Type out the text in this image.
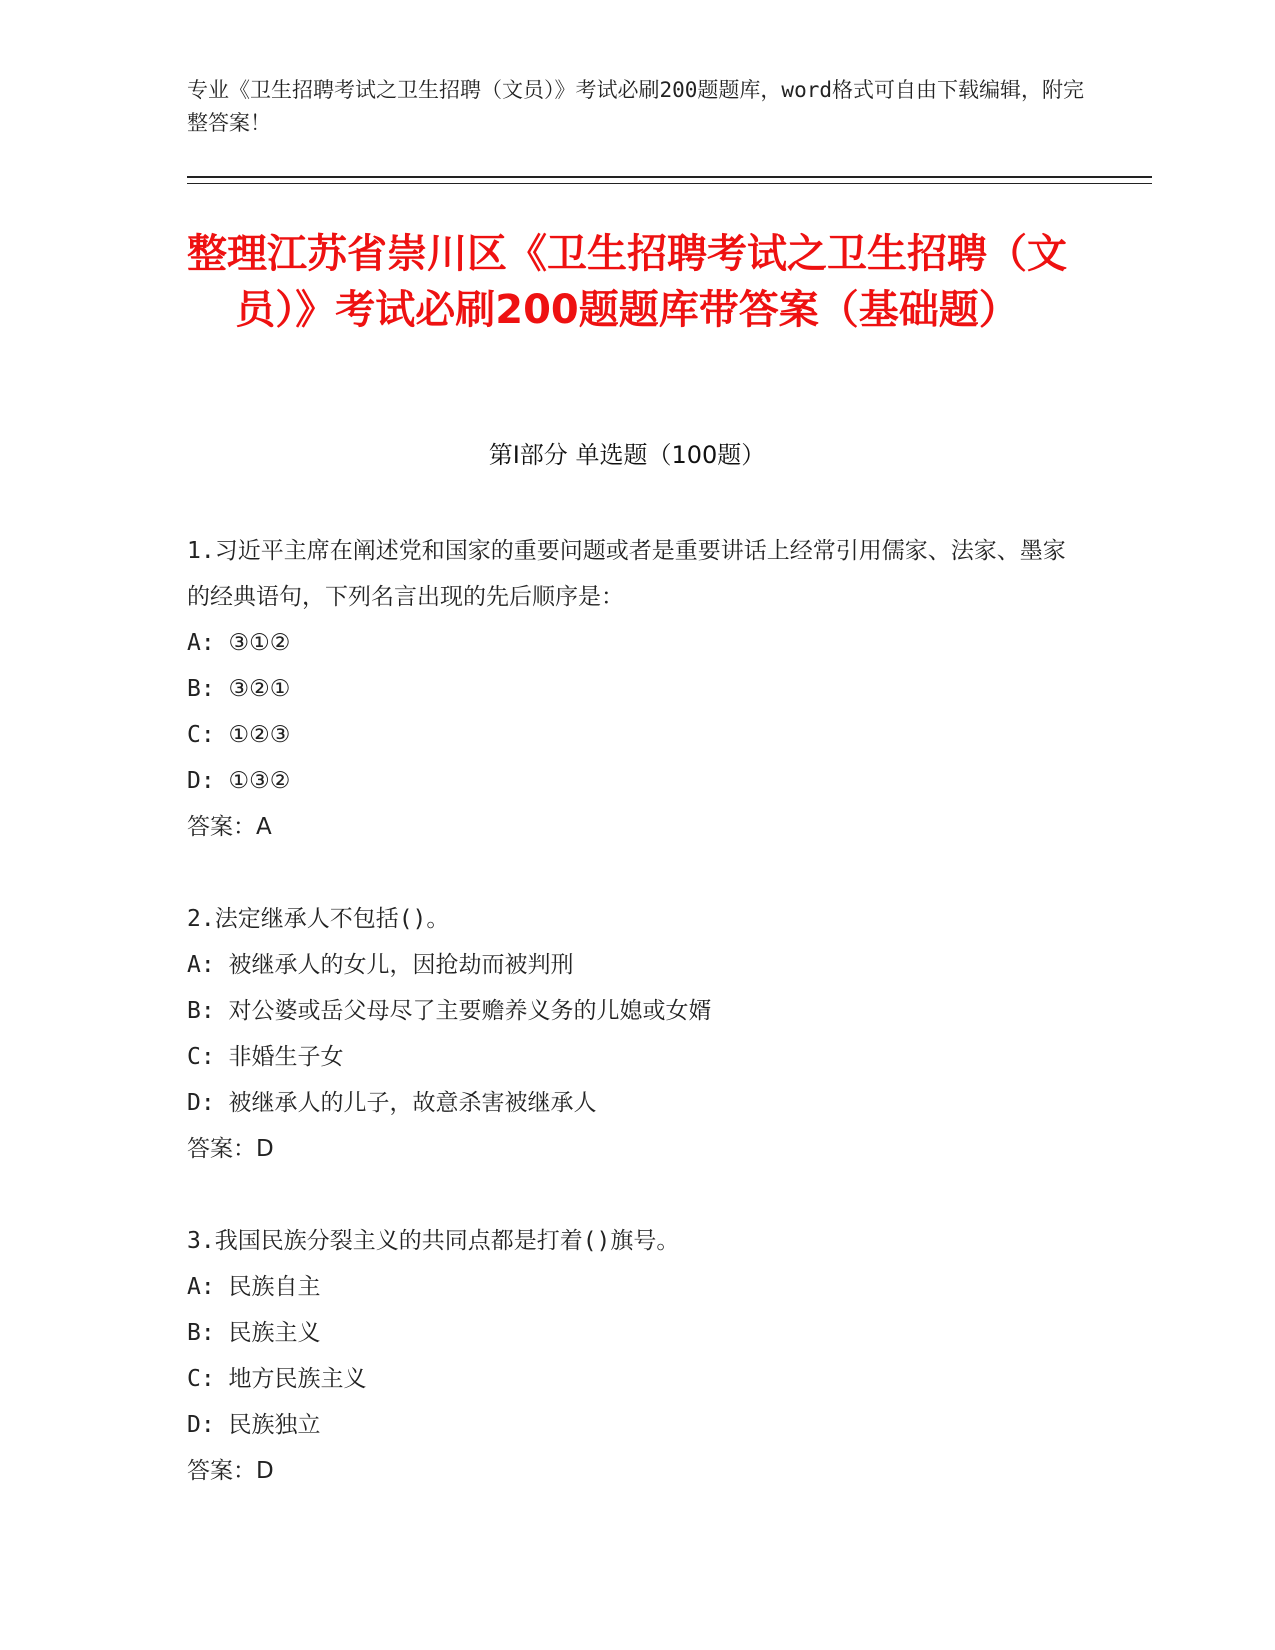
专业《卫生招聘考试之卫生招聘（文员）》考试必刷200题题库，word格式可自由下载编辑，附完整答案！
整理江苏省崇川区《卫生招聘考试之卫生招聘（文员）》考试必刷200题题库带答案（基础题）
第Ⅰ部分 单选题（100题）
1.习近平主席在阐述党和国家的重要问题或者是重要讲话上经常引用儒家、法家、墨家的经典语句，下列名言出现的先后顺序是：
A: ③①②
B: ③②①
C: ①②③
D: ①③②
答案：A
2.法定继承人不包括()。
A: 被继承人的女儿，因抢劫而被判刑
B: 对公婆或岳父母尽了主要赡养义务的儿媳或女婿
C: 非婚生子女
D: 被继承人的儿子，故意杀害被继承人
答案：D
3.我国民族分裂主义的共同点都是打着()旗号。
A: 民族自主
B: 民族主义
C: 地方民族主义
D: 民族独立
答案：D
